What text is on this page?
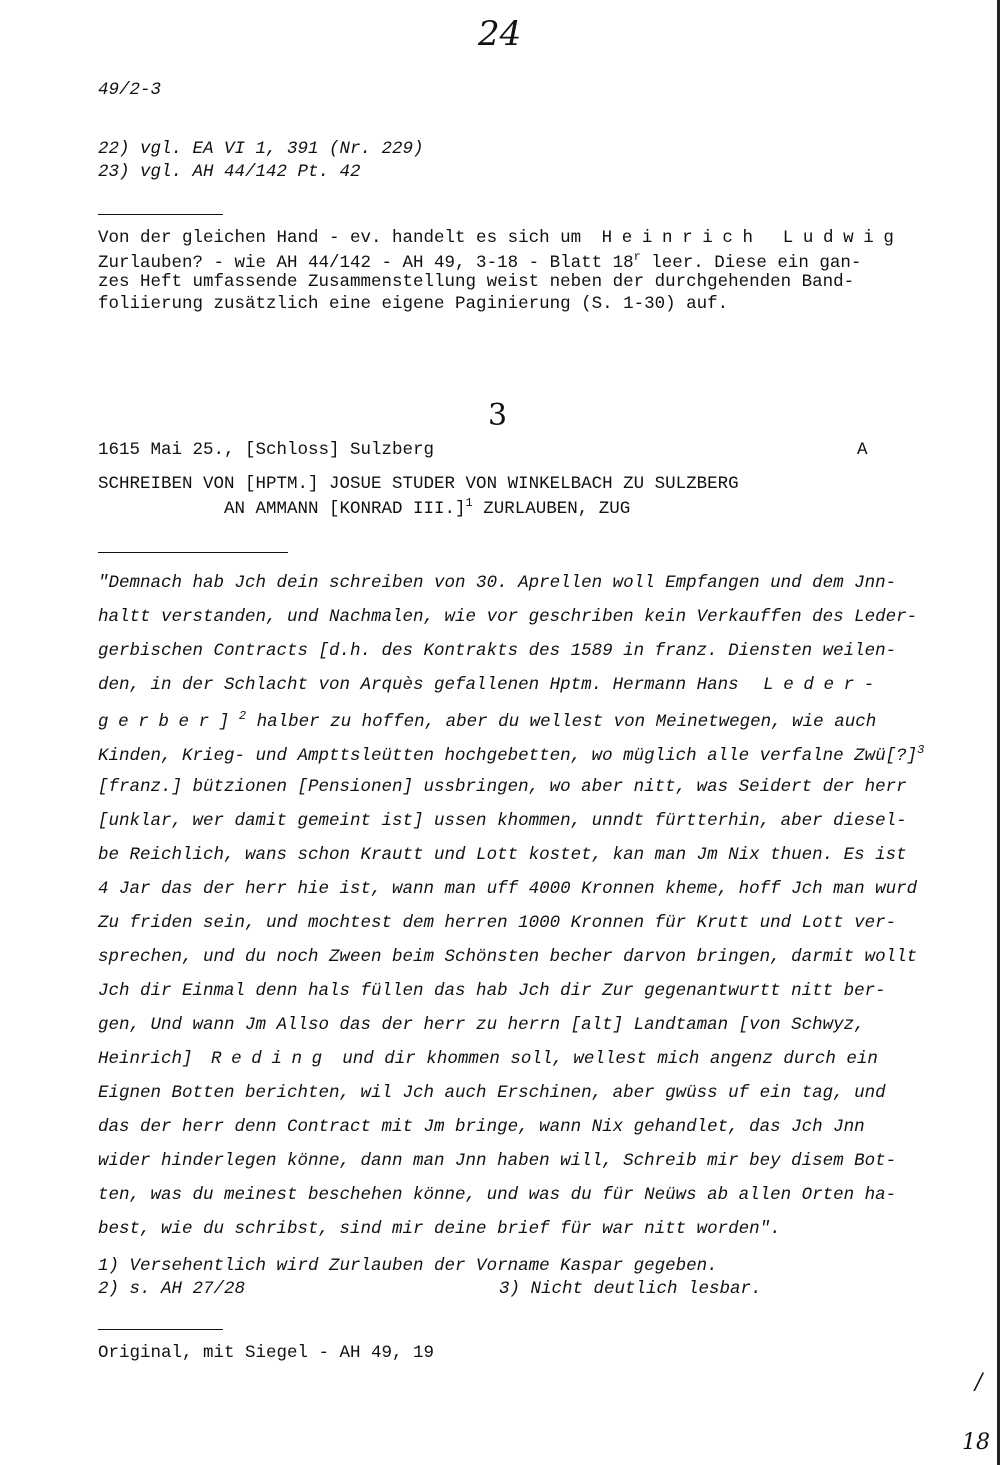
24
49/2-3
22) vgl. EA VI 1, 391 (Nr. 229)
23) vgl. AH 44/142 Pt. 42
Von der gleichen Hand - ev. handelt es sich um Heinrich Ludwig
Zurlauben? - wie AH 44/142 - AH 49, 3-18 - Blatt 18$^r$ leer. Diese ein gan-
zes Heft umfassende Zusammenstellung weist neben der durchgehenden Band-
foliierung zusätzlich eine eigene Paginierung (S. 1-30) auf.
3
1615 Mai 25., [Schloss] Sulzberg	A
SCHREIBEN VON [HPTM.] JOSUE STUDER VON WINKELBACH ZU SULZBERG
AN AMMANN [KONRAD III.]$^1$ ZURLAUBEN, ZUG
"Demnach hab Jch dein schreiben von 30. Aprellen woll Empfangen und dem Jnn-
haltt verstanden, und Nachmalen, wie vor geschriben kein Verkauffen des Leder-
gerbischen Contracts [d.h. des Kontrakts des 1589 in franz. Diensten weilen-
den, in der Schlacht von Arquès gefallenen Hptm. Hermann Hans Leder-
gerber]$^2$ halber zu hoffen, aber du wellest von Meinetwegen, wie auch
Kinden, Krieg- und Ampttsleütten hochgebetten, wo müglich alle verfalne Zwü[?]$^3$
[franz.] bützionen [Pensionen] ussbringen, wo aber nitt, was Seidert der herr
[unklar, wer damit gemeint ist] ussen khommen, unndt fürtterhin, aber diesel-
be Reichlich, wans schon Krautt und Lott kostet, kan man Jm Nix thuen. Es ist
4 Jar das der herr hie ist, wann man uff 4000 Kronnen kheme, hoff Jch man wurd
Zu friden sein, und mochtest dem herren 1000 Kronnen für Krutt und Lott ver-
sprechen, und du noch Zween beim Schönsten becher darvon bringen, darmit wollt
Jch dir Einmal denn hals füllen das hab Jch dir Zur gegenantwurtt nitt ber-
gen, Und wann Jm Allso das der herr zu herrn [alt] Landtaman [von Schwyz,
Heinrich] Reding und dir khommen soll, wellest mich angenz durch ein
Eignen Botten berichten, wil Jch auch Erschinen, aber gwüss uf ein tag, und
das der herr denn Contract mit Jm bringe, wann Nix gehandlet, das Jch Jnn
wider hinderlegen könne, dann man Jnn haben will, Schreib mir bey disem Bot-
ten, was du meinest beschehen könne, und was du für Neüws ab allen Orten ha-
best, wie du schribst, sind mir deine brief für war nitt worden".
1) Versehentlich wird Zurlauben der Vorname Kaspar gegeben.
2) s. AH 27/28	3) Nicht deutlich lesbar.
Original, mit Siegel - AH 49, 19
/
18
